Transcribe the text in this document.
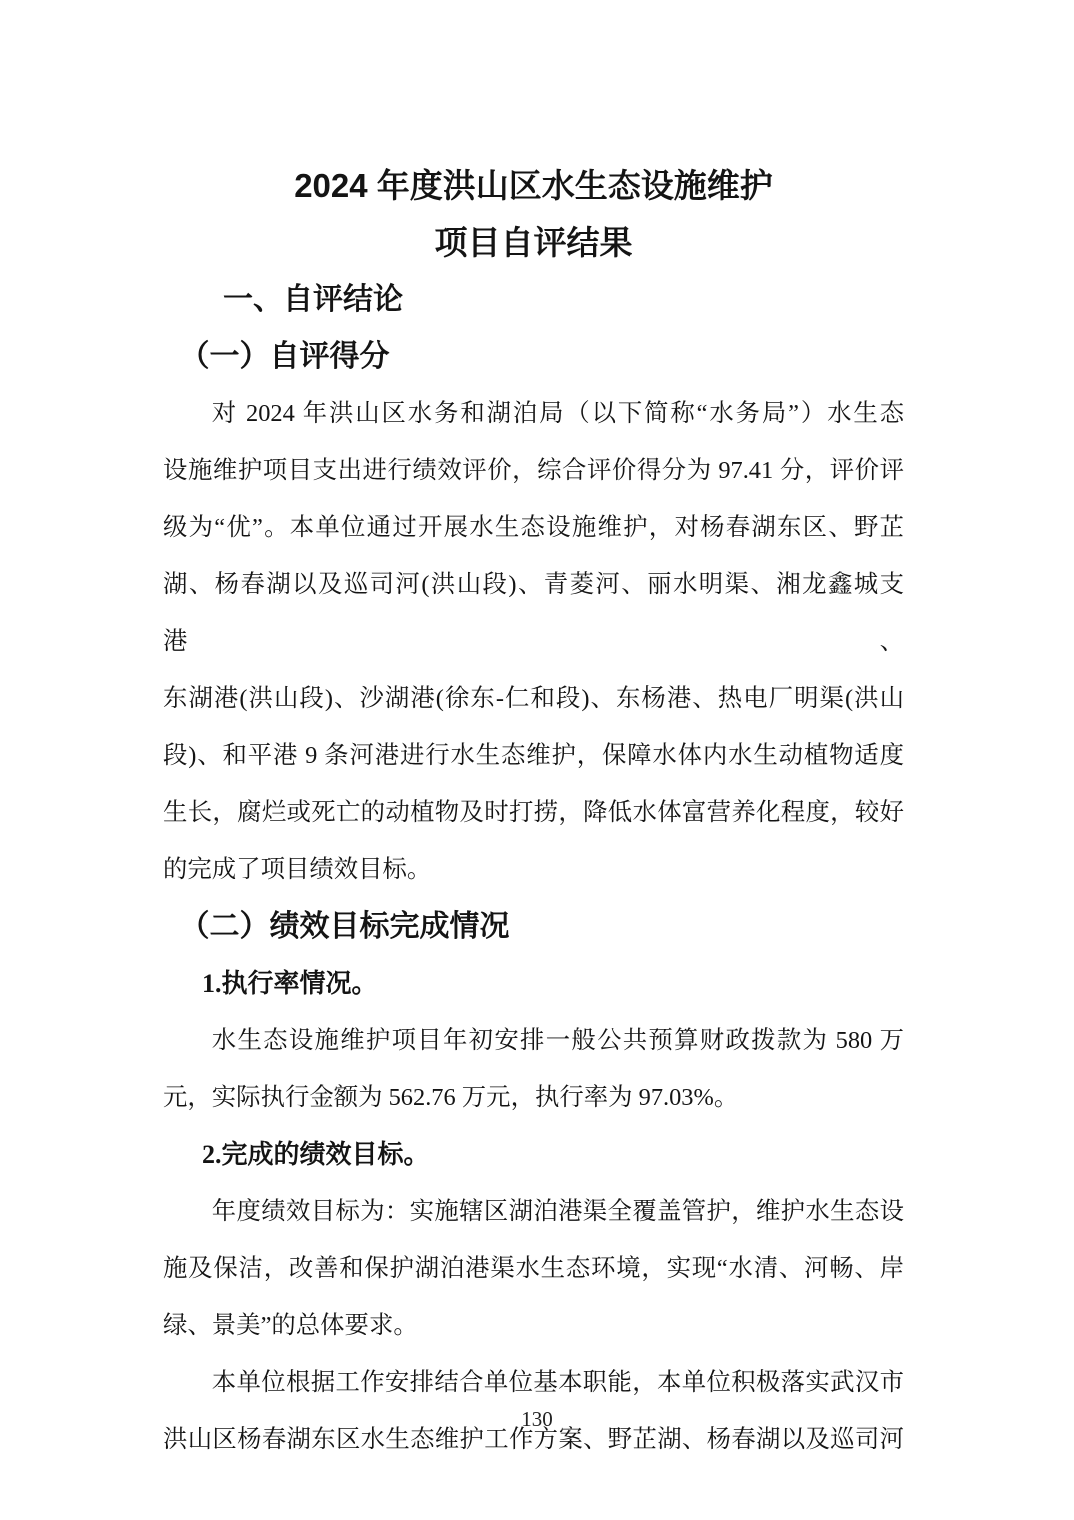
2024 年度洪山区水生态设施维护
项目自评结果
一、自评结论
（一）自评得分
对 2024 年洪山区水务和湖泊局（以下简称“水务局”）水生态
设施维护项目支出进行绩效评价，综合评价得分为 97.41 分，评价评
级为“优”。本单位通过开展水生态设施维护，对杨春湖东区、野芷
湖、杨春湖以及巡司河(洪山段)、青菱河、丽水明渠、湘龙鑫城支港、
东湖港(洪山段)、沙湖港(徐东-仁和段)、东杨港、热电厂明渠(洪山
段)、和平港 9 条河港进行水生态维护，保障水体内水生动植物适度
生长，腐烂或死亡的动植物及时打捞，降低水体富营养化程度，较好
的完成了项目绩效目标。
（二）绩效目标完成情况
1.执行率情况。
水生态设施维护项目年初安排一般公共预算财政拨款为 580 万
元，实际执行金额为 562.76 万元，执行率为 97.03%。
2.完成的绩效目标。
年度绩效目标为：实施辖区湖泊港渠全覆盖管护，维护水生态设
施及保洁，改善和保护湖泊港渠水生态环境，实现“水清、河畅、岸
绿、景美”的总体要求。
本单位根据工作安排结合单位基本职能，本单位积极落实武汉市
洪山区杨春湖东区水生态维护工作方案、野芷湖、杨春湖以及巡司河
130
